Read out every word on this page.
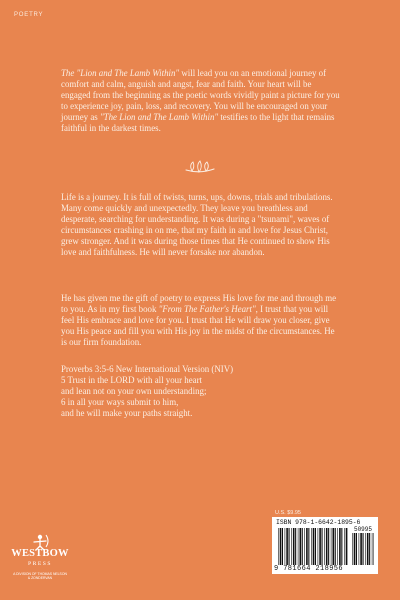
POETRY

The "Lion and The Lamb Within" will lead you on an emotional journey of comfort and calm, anguish and angst, fear and faith. Your heart will be engaged from the beginning as the poetic words vividly paint a picture for you to experience joy, pain, loss, and recovery. You will be encouraged on your journey as "The Lion and The Lamb Within" testifies to the light that remains faithful in the darkest times.

Life is a journey. It is full of twists, turns, ups, downs, trials and tribulations. Many come quickly and unexpectedly. They leave you breathless and desperate, searching for understanding. It was during a "tsunami", waves of circumstances crashing in on me, that my faith in and love for Jesus Christ, grew stronger. And it was during those times that He continued to show His love and faithfulness. He will never forsake nor abandon.

He has given me the gift of poetry to express His love for me and through me to you. As in my first book "From The Father's Heart", I trust that you will feel His embrace and love for you. I trust that He will draw you closer, give you His peace and fill you with His joy in the midst of the circumstances. He is our firm foundation.

Proverbs 3:5-6 New International Version (NIV)
5 Trust in the LORD with all your heart
and lean not on your own understanding;
6 in all your ways submit to him,
and he will make your paths straight.
U.S. $9.95
ISBN 978-1-6642-1895-6
50995
9 781664 218956
WESTBOW
PRESS
A DIVISION OF THOMAS NELSON
& ZONDERVAN
